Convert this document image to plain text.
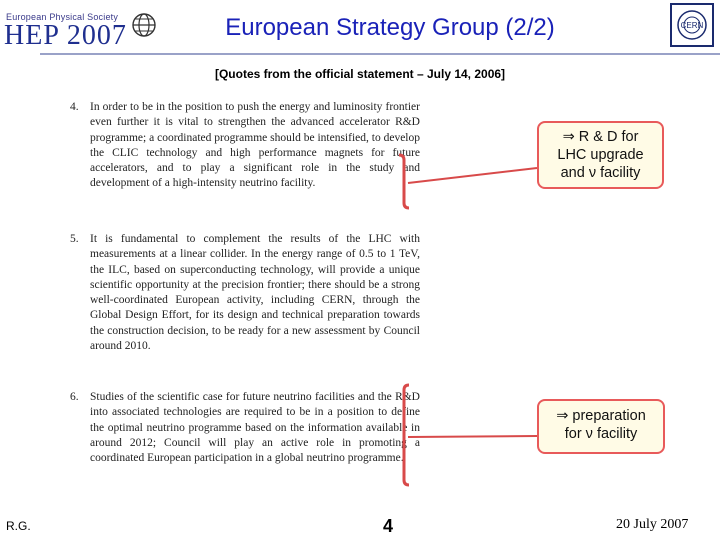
European Physical Society
HEP 2007	European Strategy Group (2/2)	CERN
[Quotes from the official statement – July 14, 2006]
4. In order to be in the position to push the energy and luminosity frontier even further it is vital to strengthen the advanced accelerator R&D programme; a coordinated programme should be intensified, to develop the CLIC technology and high performance magnets for future accelerators, and to play a significant role in the study and development of a high-intensity neutrino facility.
5. It is fundamental to complement the results of the LHC with measurements at a linear collider. In the energy range of 0.5 to 1 TeV, the ILC, based on superconducting technology, will provide a unique scientific opportunity at the precision frontier; there should be a strong well-coordinated European activity, including CERN, through the Global Design Effort, for its design and technical preparation towards the construction decision, to be ready for a new assessment by Council around 2010.
6. Studies of the scientific case for future neutrino facilities and the R&D into associated technologies are required to be in a position to define the optimal neutrino programme based on the information available in around 2012; Council will play an active role in promoting a coordinated European participation in a global neutrino programme.
⇒ R & D for
LHC upgrade
and ν facility
⇒ preparation
for ν facility
R.G.	4	20 July 2007
